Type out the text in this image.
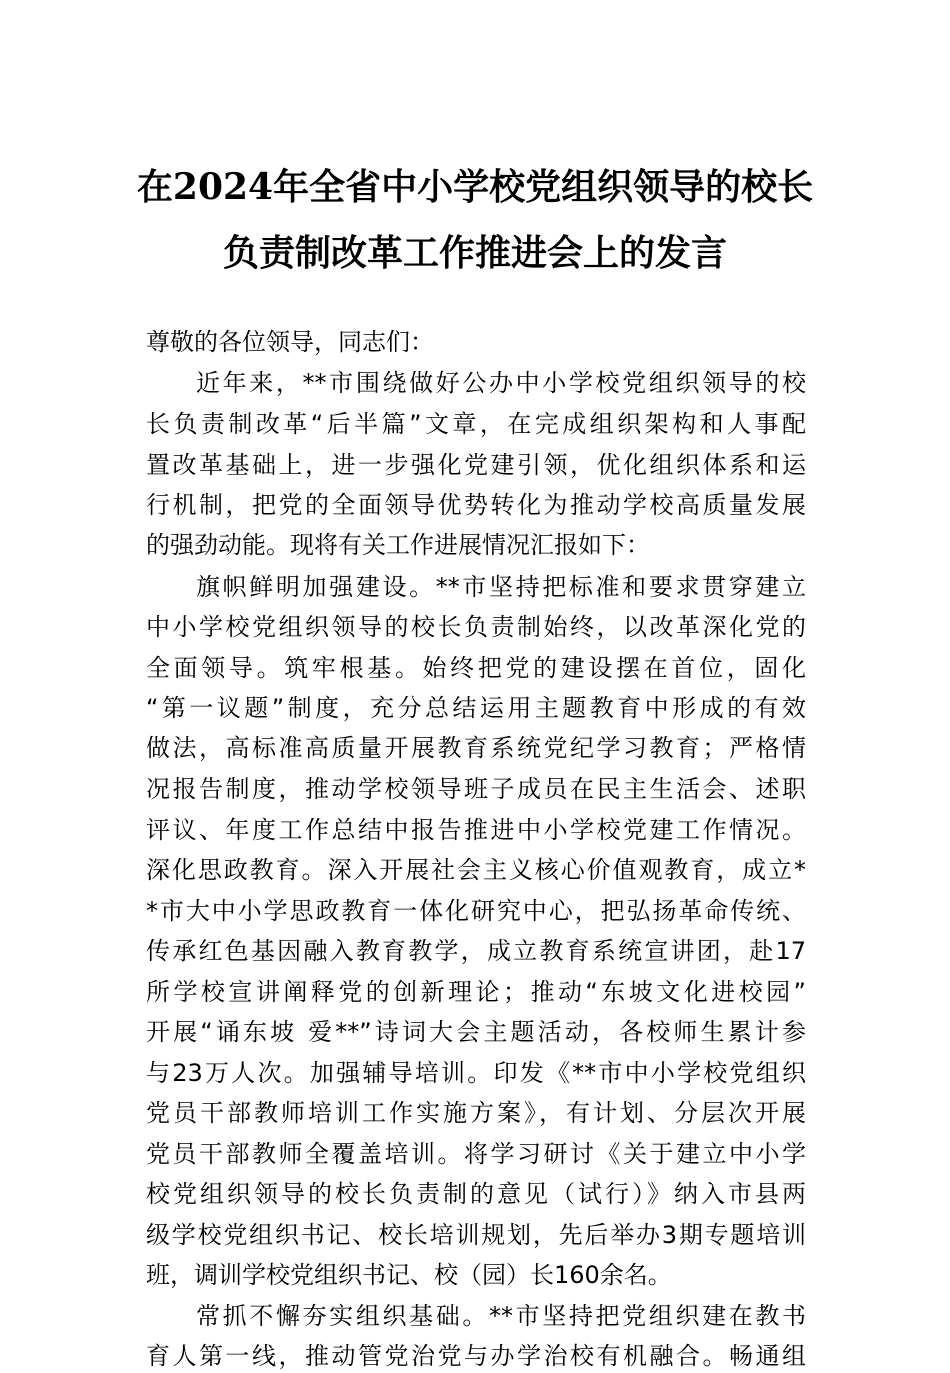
在2024年全省中小学校党组织领导的校长
负责制改革工作推进会上的发言
尊敬的各位领导，同志们：
近年来，**市围绕做好公办中小学校党组织领导的校
长负责制改革“后半篇”文章，在完成组织架构和人事配
置改革基础上，进一步强化党建引领，优化组织体系和运
行机制，把党的全面领导优势转化为推动学校高质量发展
的强劲动能。现将有关工作进展情况汇报如下：
旗帜鲜明加强建设。**市坚持把标准和要求贯穿建立
中小学校党组织领导的校长负责制始终，以改革深化党的
全面领导。筑牢根基。始终把党的建设摆在首位，固化
“第一议题”制度，充分总结运用主题教育中形成的有效
做法，高标准高质量开展教育系统党纪学习教育；严格情
况报告制度，推动学校领导班子成员在民主生活会、述职
评议、年度工作总结中报告推进中小学校党建工作情况。
深化思政教育。深入开展社会主义核心价值观教育，成立*
*市大中小学思政教育一体化研究中心，把弘扬革命传统、
传承红色基因融入教育教学，成立教育系统宣讲团，赴17
所学校宣讲阐释党的创新理论；推动“东坡文化进校园”
开展“诵东坡 爱**”诗词大会主题活动，各校师生累计参
与23万人次。加强辅导培训。印发《**市中小学校党组织
党员干部教师培训工作实施方案》，有计划、分层次开展
党员干部教师全覆盖培训。将学习研讨《关于建立中小学
校党组织领导的校长负责制的意见（试行）》纳入市县两
级学校党组织书记、校长培训规划，先后举办3期专题培训
班，调训学校党组织书记、校（园）长160余名。
常抓不懈夯实组织基础。**市坚持把党组织建在教书
育人第一线，推动管党治党与办学治校有机融合。畅通组
